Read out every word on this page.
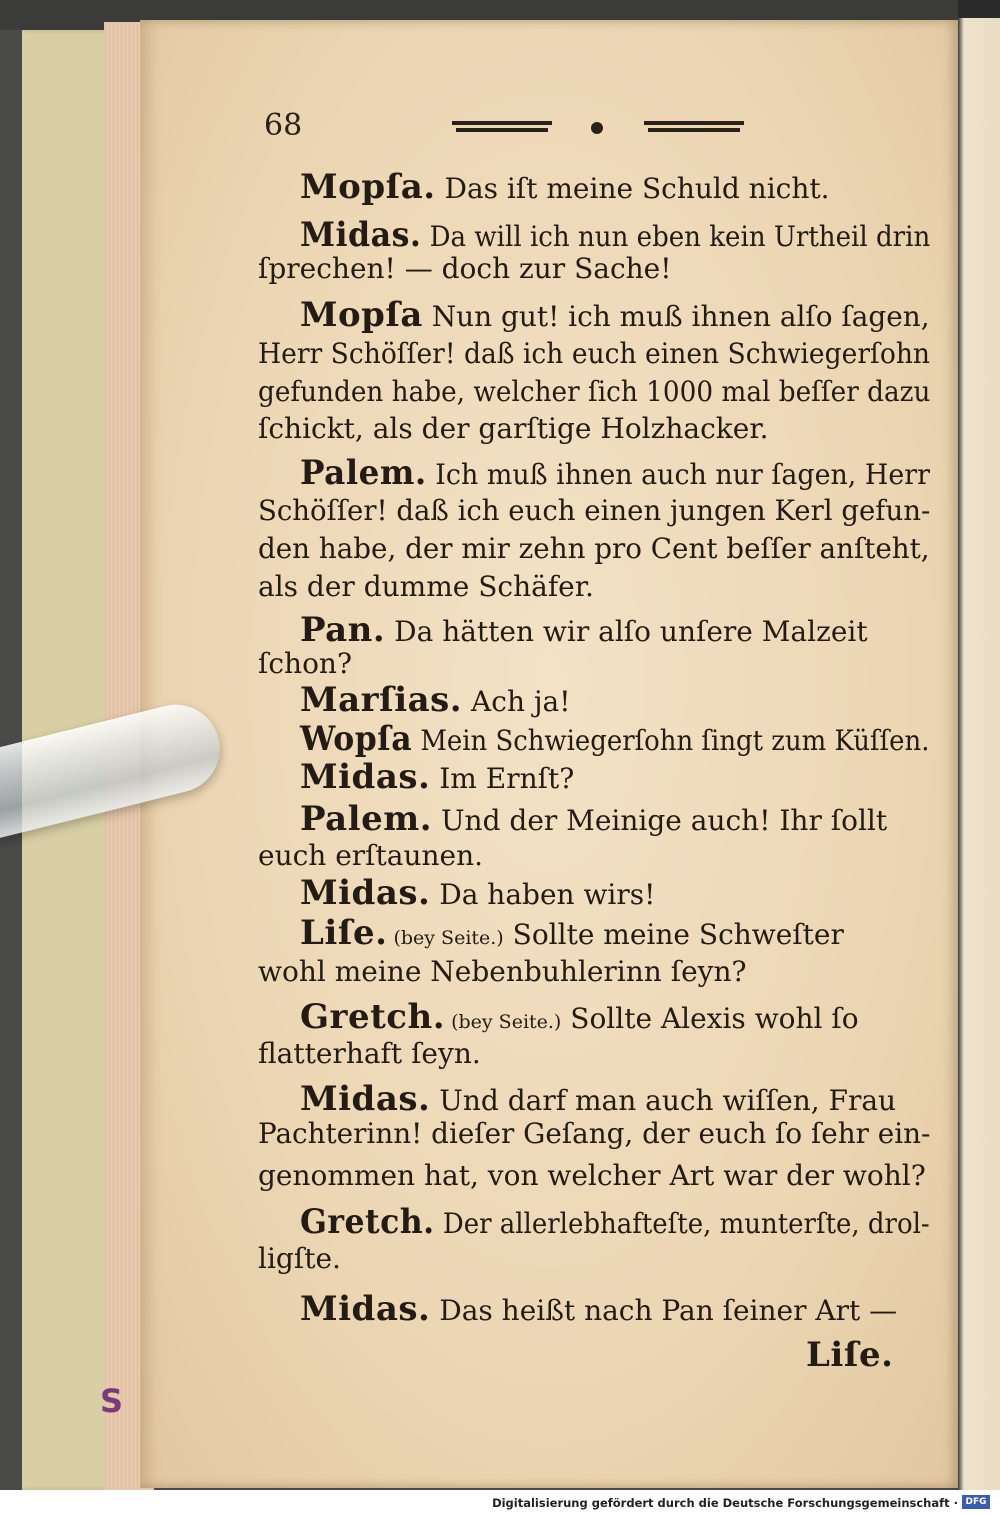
68
Mopſa. Das iſt meine Schuld nicht.
Midas. Da will ich nun eben kein Urtheil drin
ſprechen! — doch zur Sache!
Mopſa Nun gut! ich muß ihnen alſo ſagen,
Herr Schöſſer! daß ich euch einen Schwiegerſohn
gefunden habe, welcher ſich 1000 mal beſſer dazu
ſchickt, als der garſtige Holzhacker.
Palem. Ich muß ihnen auch nur ſagen, Herr
Schöſſer! daß ich euch einen jungen Kerl gefun-
den habe, der mir zehn pro Cent beſſer anſteht,
als der dumme Schäfer.
Pan. Da hätten wir alſo unſere Malzeit
ſchon?
Marſias. Ach ja!
Wopſa Mein Schwiegerſohn ſingt zum Küſſen.
Midas. Im Ernſt?
Palem. Und der Meinige auch! Ihr ſollt
euch erſtaunen.
Midas. Da haben wirs!
Liſe. (bey Seite.) Sollte meine Schweſter
wohl meine Nebenbuhlerinn ſeyn?
Gretch. (bey Seite.) Sollte Alexis wohl ſo
flatterhaft ſeyn.
Midas. Und darf man auch wiſſen, Frau
Pachterinn! dieſer Geſang, der euch ſo ſehr ein-
genommen hat, von welcher Art war der wohl?
Gretch. Der allerlebhafteſte, munterſte, drol-
ligſte.
Midas. Das heißt nach Pan ſeiner Art —
Liſe.
S
Digitalisierung gefördert durch die Deutsche Forschungsgemeinschaft · DFG
